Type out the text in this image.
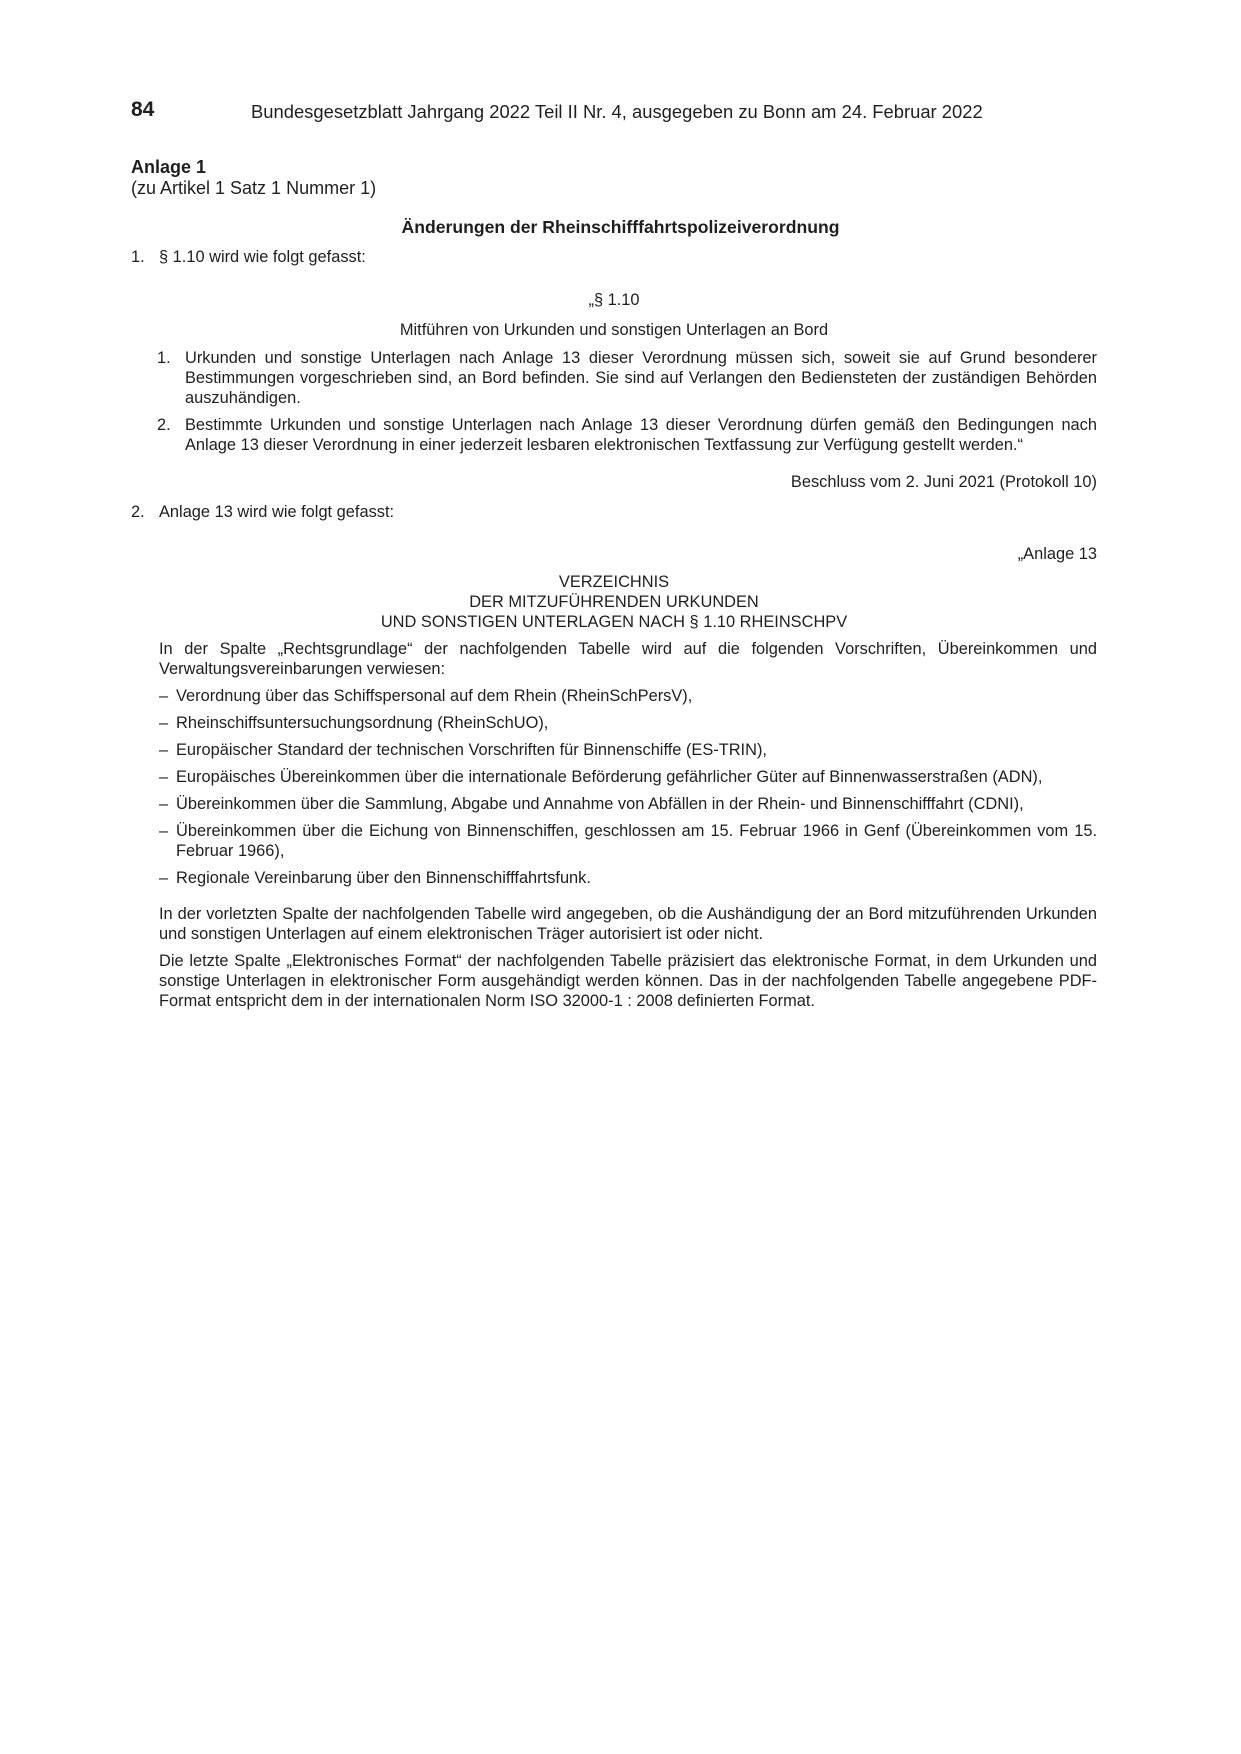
84	Bundesgesetzblatt Jahrgang 2022 Teil II Nr. 4, ausgegeben zu Bonn am 24. Februar 2022
Anlage 1
(zu Artikel 1 Satz 1 Nummer 1)
Änderungen der Rheinschifffahrtspolizeiverordnung
1. § 1.10 wird wie folgt gefasst:
„§ 1.10
Mitführen von Urkunden und sonstigen Unterlagen an Bord
1. Urkunden und sonstige Unterlagen nach Anlage 13 dieser Verordnung müssen sich, soweit sie auf Grund besonderer Bestimmungen vorgeschrieben sind, an Bord befinden. Sie sind auf Verlangen den Bediensteten der zuständigen Behörden auszuhändigen.
2. Bestimmte Urkunden und sonstige Unterlagen nach Anlage 13 dieser Verordnung dürfen gemäß den Bedingungen nach Anlage 13 dieser Verordnung in einer jederzeit lesbaren elektronischen Textfassung zur Verfügung gestellt werden.“
Beschluss vom 2. Juni 2021 (Protokoll 10)
2. Anlage 13 wird wie folgt gefasst:
„Anlage 13
VERZEICHNIS
DER MITZUFÜHRENDEN URKUNDEN
UND SONSTIGEN UNTERLAGEN NACH § 1.10 RHEINSCHPV
In der Spalte „Rechtsgrundlage“ der nachfolgenden Tabelle wird auf die folgenden Vorschriften, Übereinkommen und Verwaltungsvereinbarungen verwiesen:
– Verordnung über das Schiffspersonal auf dem Rhein (RheinSchPersV),
– Rheinschiffsuntersuchungsordnung (RheinSchUO),
– Europäischer Standard der technischen Vorschriften für Binnenschiffe (ES-TRIN),
– Europäisches Übereinkommen über die internationale Beförderung gefährlicher Güter auf Binnenwasserstraßen (ADN),
– Übereinkommen über die Sammlung, Abgabe und Annahme von Abfällen in der Rhein- und Binnenschifffahrt (CDNI),
– Übereinkommen über die Eichung von Binnenschiffen, geschlossen am 15. Februar 1966 in Genf (Übereinkommen vom 15. Februar 1966),
– Regionale Vereinbarung über den Binnenschifffahrtsfunk.
In der vorletzten Spalte der nachfolgenden Tabelle wird angegeben, ob die Aushändigung der an Bord mitzuführenden Urkunden und sonstigen Unterlagen auf einem elektronischen Träger autorisiert ist oder nicht.
Die letzte Spalte „Elektronisches Format“ der nachfolgenden Tabelle präzisiert das elektronische Format, in dem Urkunden und sonstige Unterlagen in elektronischer Form ausgehändigt werden können. Das in der nachfolgenden Tabelle angegebene PDF-Format entspricht dem in der internationalen Norm ISO 32000-1 : 2008 definierten Format.
